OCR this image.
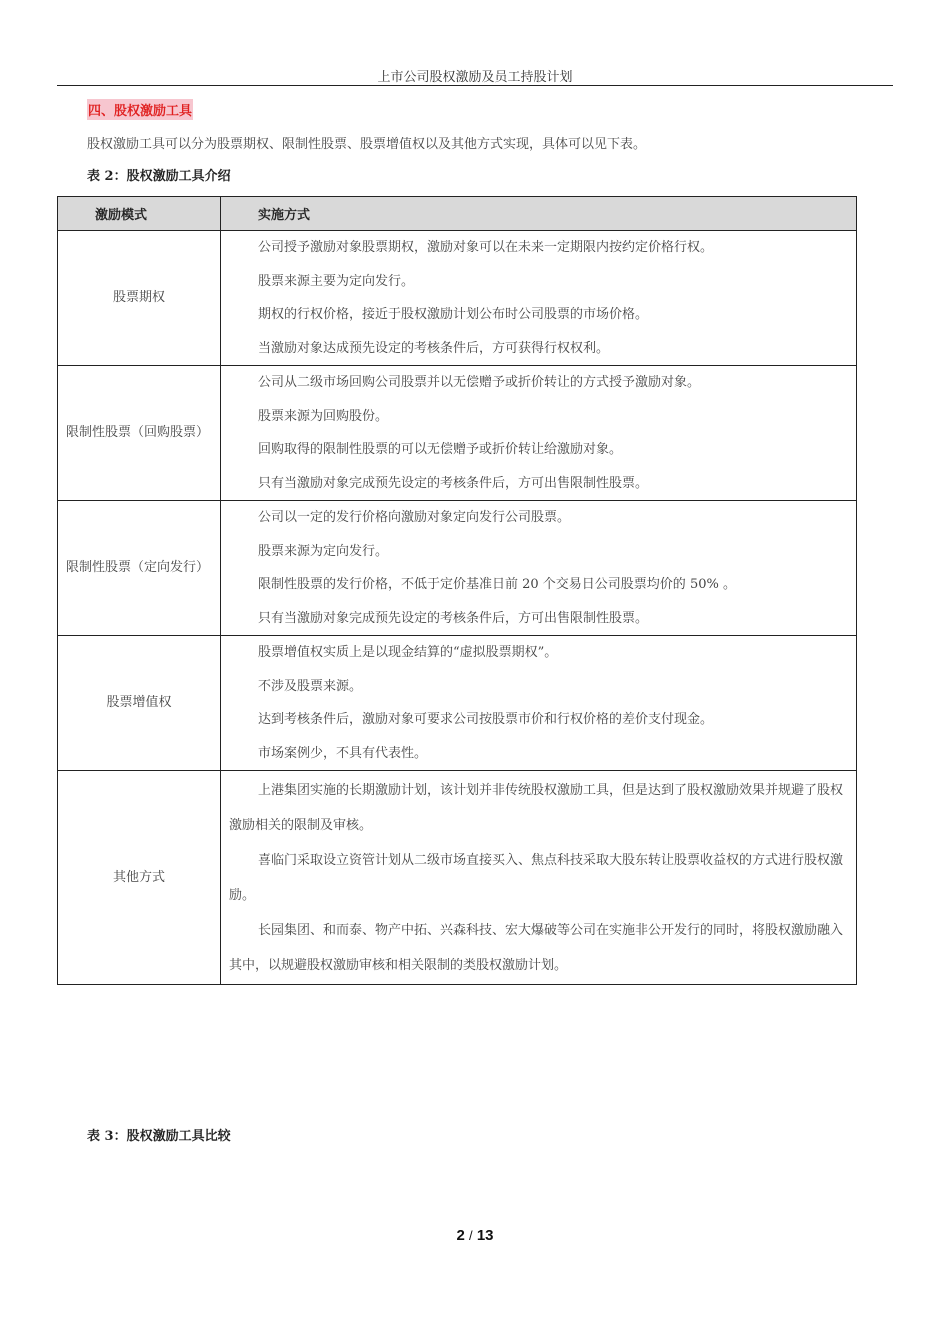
上市公司股权激励及员工持股计划
四、股权激励工具
股权激励工具可以分为股票期权、限制性股票、股票增值权以及其他方式实现，具体可以见下表。
表 2：股权激励工具介绍
激励模式	实施方式
股票期权	公司授予激励对象股票期权，激励对象可以在未来一定期限内按约定价格行权。

股票来源主要为定向发行。

期权的行权价格，接近于股权激励计划公布时公司股票的市场价格。

当激励对象达成预先设定的考核条件后，方可获得行权权利。

限制性股票（回购股票）	公司从二级市场回购公司股票并以无偿赠予或折价转让的方式授予激励对象。

股票来源为回购股份。

回购取得的限制性股票的可以无偿赠予或折价转让给激励对象。

只有当激励对象完成预先设定的考核条件后，方可出售限制性股票。

限制性股票（定向发行）	公司以一定的发行价格向激励对象定向发行公司股票。

股票来源为定向发行。

限制性股票的发行价格，不低于定价基准日前 20 个交易日公司股票均价的 50% 。

只有当激励对象完成预先设定的考核条件后，方可出售限制性股票。

股票增值权	股票增值权实质上是以现金结算的“虚拟股票期权”。

不涉及股票来源。

达到考核条件后，激励对象可要求公司按股票市价和行权价格的差价支付现金。

市场案例少，不具有代表性。

其他方式	上港集团实施的长期激励计划，该计划并非传统股权激励工具，但是达到了股权激励效果并规避了股权激励相关的限制及审核。

喜临门采取设立资管计划从二级市场直接买入、焦点科技采取大股东转让股票收益权的方式进行股权激励。

长园集团、和而泰、物产中拓、兴森科技、宏大爆破等公司在实施非公开发行的同时，将股权激励融入其中，以规避股权激励审核和相关限制的类股权激励计划。

表 3：股权激励工具比较
2 / 13
